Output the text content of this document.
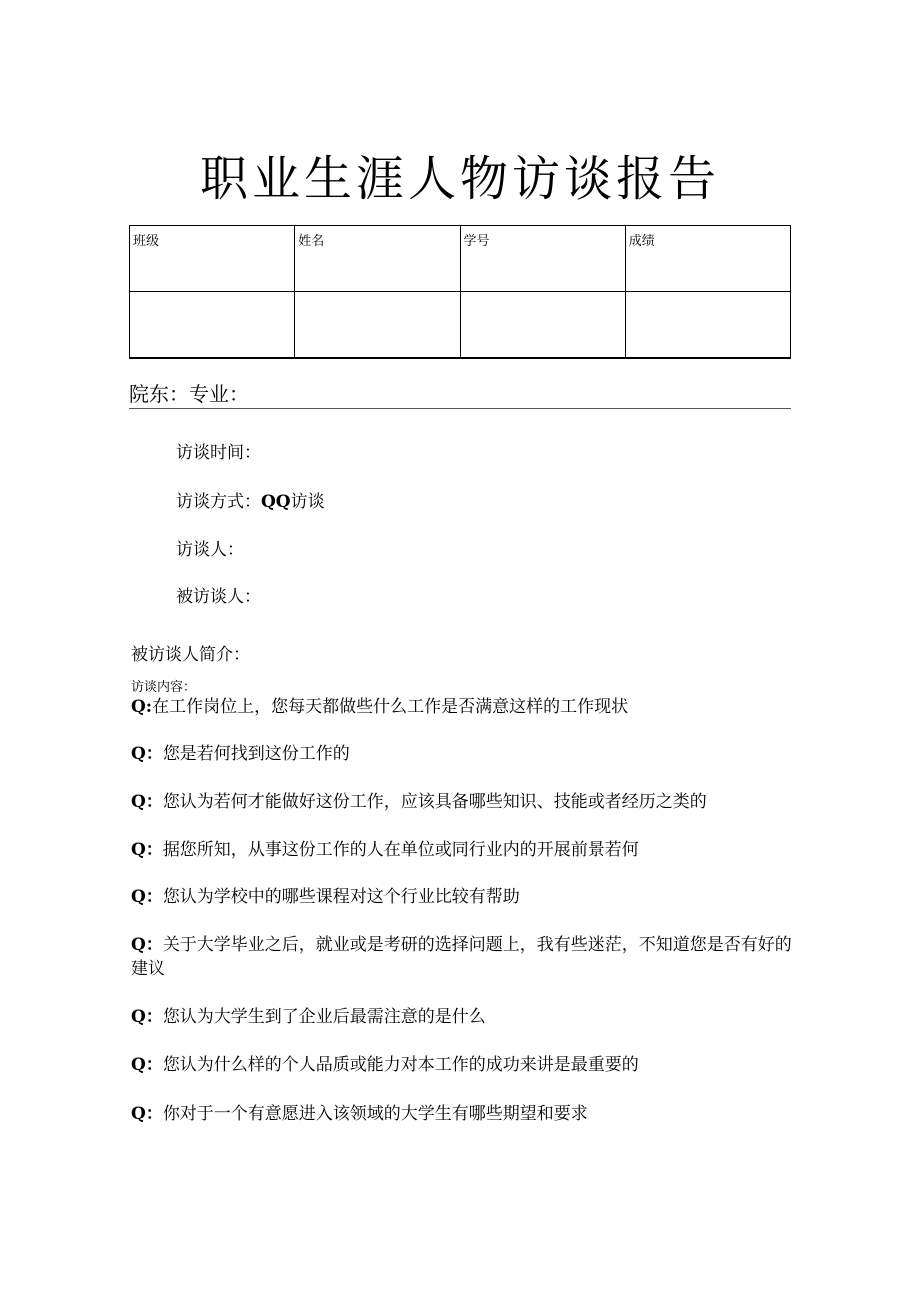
职业生涯人物访谈报告
班级	姓名	学号	成绩

院东：专业：
访谈时间：
访谈方式：QQ访谈
访谈人：
被访谈人：
被访谈人简介：
访谈内容：
Q:在工作岗位上，您每天都做些什么工作是否满意这样的工作现状
Q：您是若何找到这份工作的
Q：您认为若何才能做好这份工作，应该具备哪些知识、技能或者经历之类的
Q：据您所知，从事这份工作的人在单位或同行业内的开展前景若何
Q：您认为学校中的哪些课程对这个行业比较有帮助
Q：关于大学毕业之后，就业或是考研的选择问题上，我有些迷茫，不知道您是否有好的建议
Q：您认为大学生到了企业后最需注意的是什么
Q：您认为什么样的个人品质或能力对本工作的成功来讲是最重要的
Q：你对于一个有意愿进入该领域的大学生有哪些期望和要求
